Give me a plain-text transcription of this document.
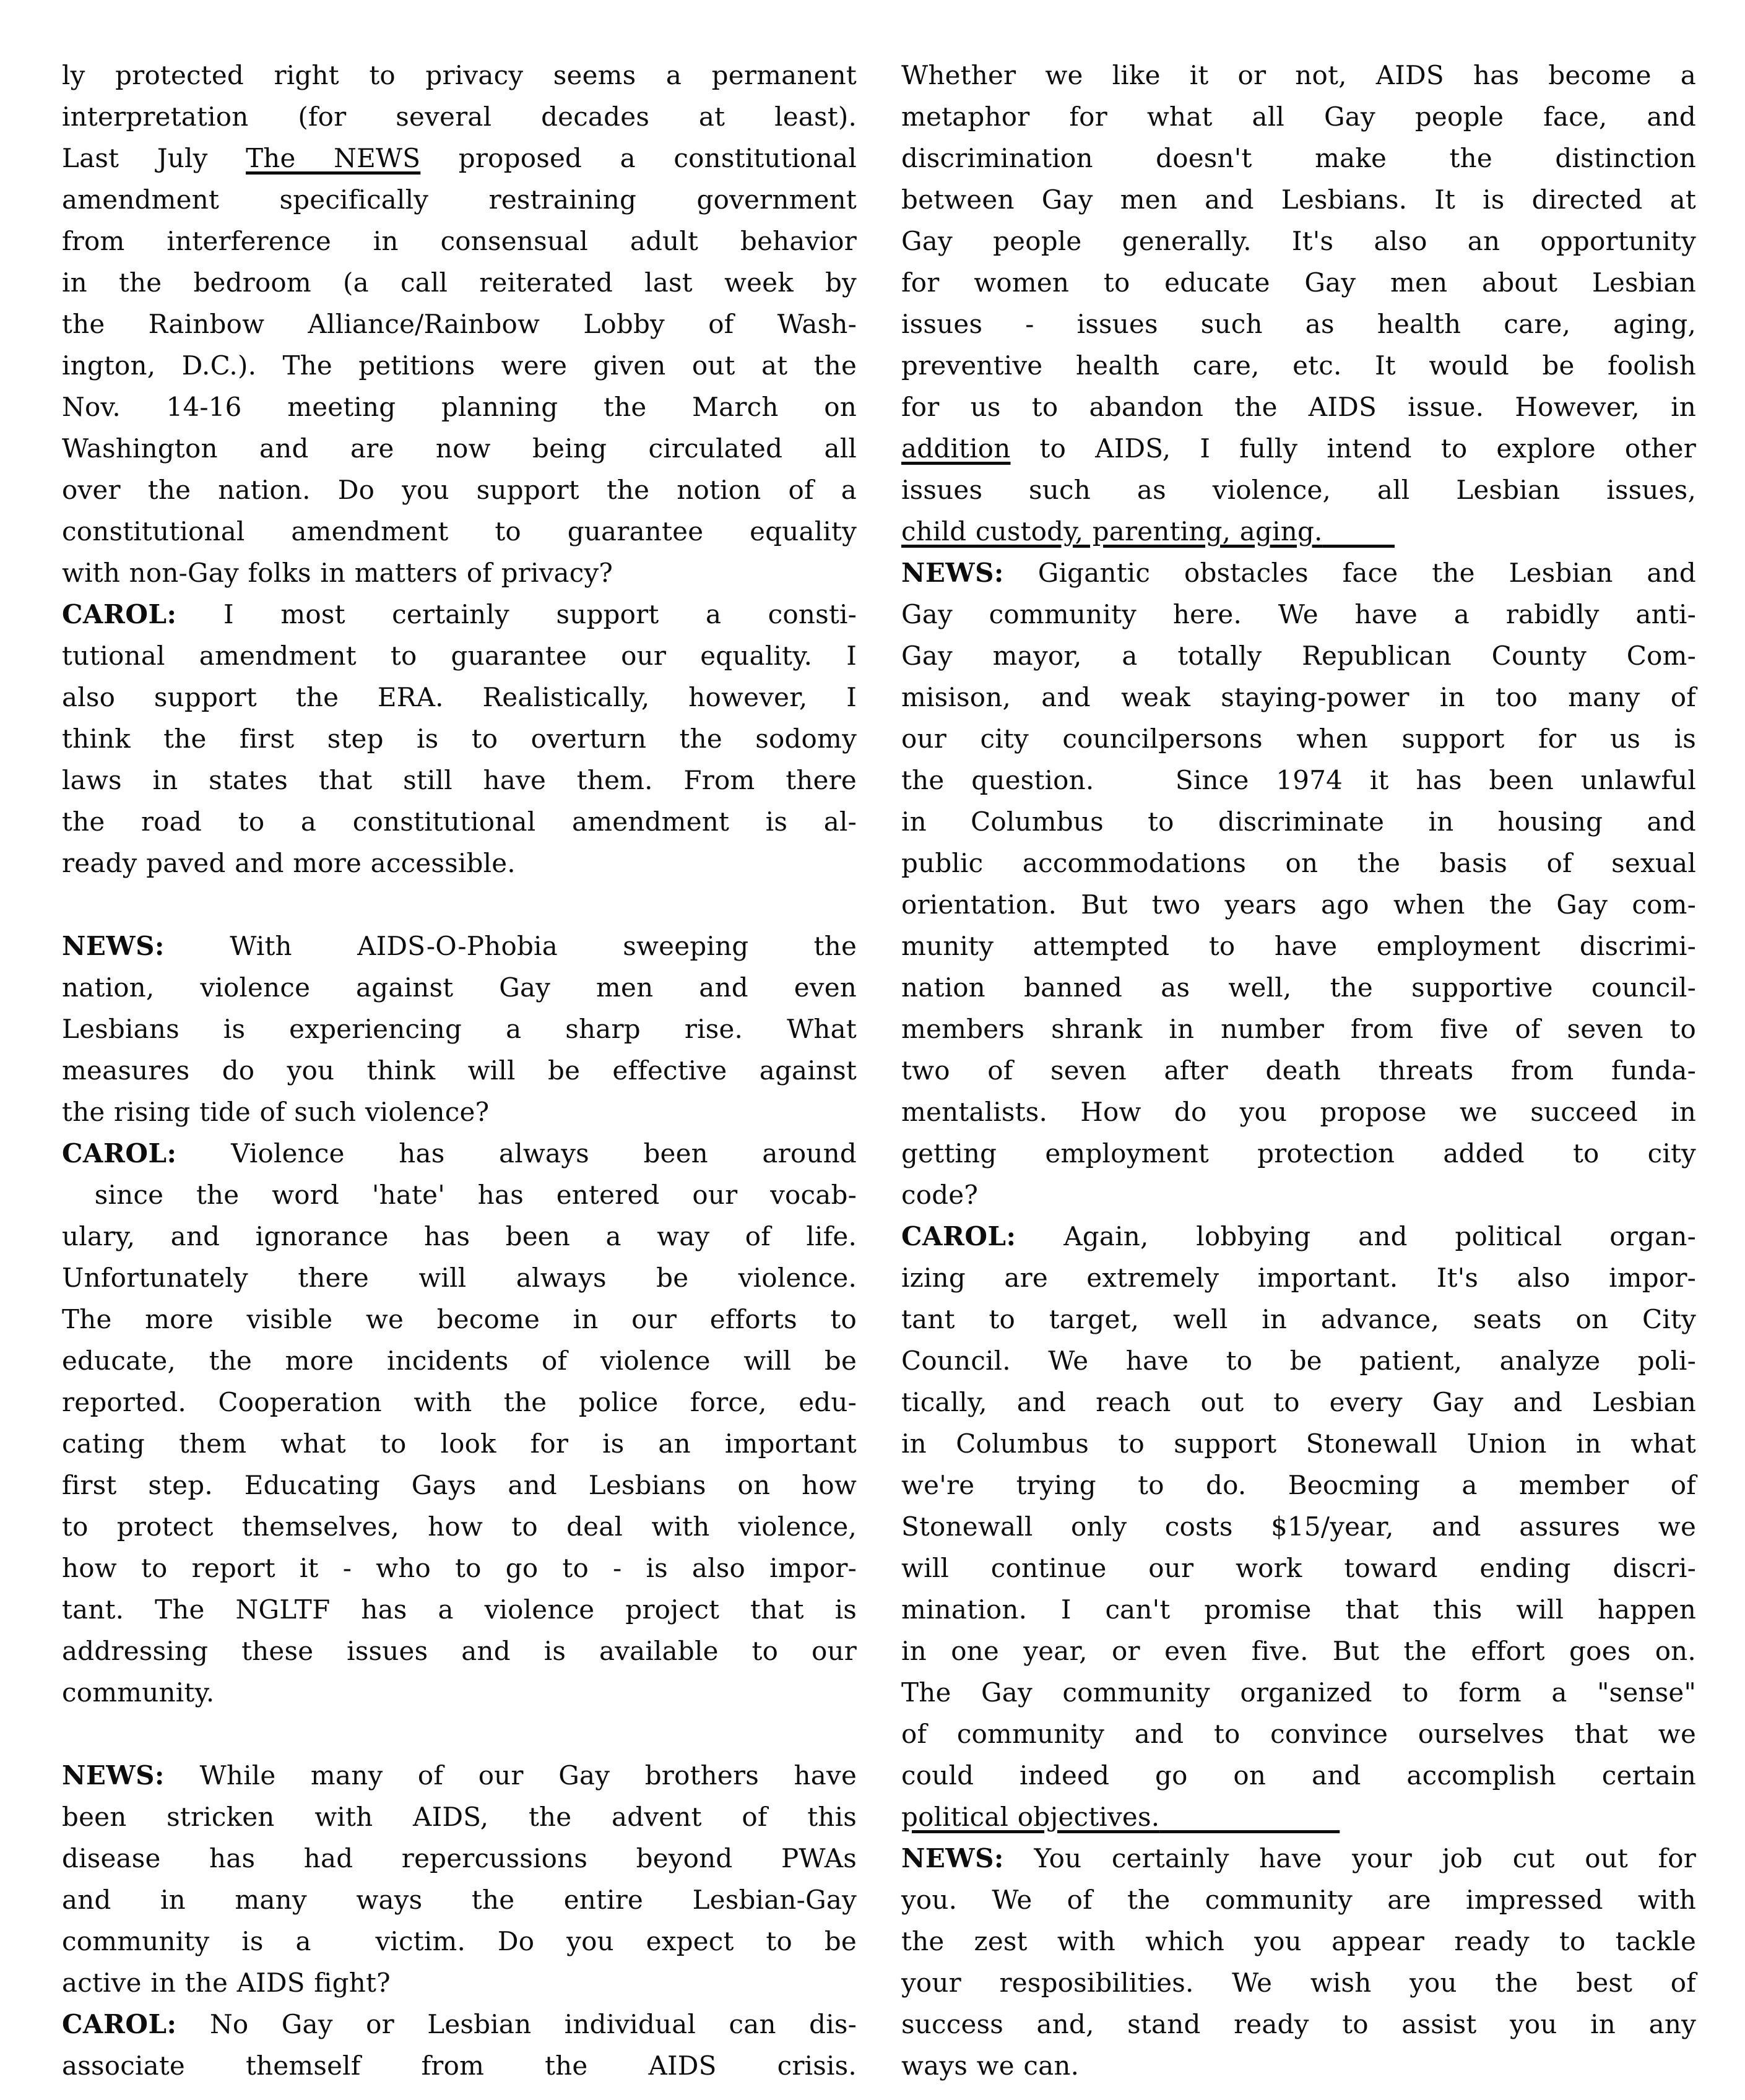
ly protected right to privacy seems a permanent
interpretation (for several decades at least).
Last July The NEWS proposed a constitutional
amendment specifically restraining government
from interference in consensual adult behavior
in the bedroom (a call reiterated last week by
the Rainbow Alliance/Rainbow Lobby of Wash-
ington, D.C.). The petitions were given out at the
Nov. 14-16 meeting planning the March on
Washington and are now being circulated all
over the nation. Do you support the notion of a
constitutional amendment to guarantee equality
with non-Gay folks in matters of privacy?
CAROL: I most certainly support a consti-
tutional amendment to guarantee our equality. I
also support the ERA. Realistically, however, I
think the first step is to overturn the sodomy
laws in states that still have them. From there
the road to a constitutional amendment is al-
ready paved and more accessible.
NEWS: With AIDS-O-Phobia sweeping the
nation, violence against Gay men and even
Lesbians is experiencing a sharp rise. What
measures do you think will be effective against
the rising tide of such violence?
CAROL: Violence has always been around
since the word 'hate' has entered our vocab-
ulary, and ignorance has been a way of life.
Unfortunately there will always be violence.
The more visible we become in our efforts to
educate, the more incidents of violence will be
reported. Cooperation with the police force, edu-
cating them what to look for is an important
first step. Educating Gays and Lesbians on how
to protect themselves, how to deal with violence,
how to report it - who to go to - is also impor-
tant. The NGLTF has a violence project that is
addressing these issues and is available to our
community.
NEWS: While many of our Gay brothers have
been stricken with AIDS, the advent of this
disease has had repercussions beyond PWAs
and in many ways the entire Lesbian-Gay
community is a  victim. Do you expect to be
active in the AIDS fight?
CAROL: No Gay or Lesbian individual can dis-
associate themself from the AIDS crisis.
Whether we like it or not, AIDS has become a
metaphor for what all Gay people face, and
discrimination doesn't make the distinction
between Gay men and Lesbians. It is directed at
Gay people generally. It's also an opportunity
for women to educate Gay men about Lesbian
issues - issues such as health care, aging,
preventive health care, etc. It would be foolish
for us to abandon the AIDS issue. However, in
addition to AIDS, I fully intend to explore other
issues such as violence, all Lesbian issues,
child custody, parenting, aging.
NEWS: Gigantic obstacles face the Lesbian and
Gay community here. We have a rabidly anti-
Gay mayor, a totally Republican County Com-
misison, and weak staying-power in too many of
our city councilpersons when support for us is
the question.   Since 1974 it has been unlawful
in Columbus to discriminate in housing and
public accommodations on the basis of sexual
orientation. But two years ago when the Gay com-
munity attempted to have employment discrimi-
nation banned as well, the supportive council-
members shrank in number from five of seven to
two of seven after death threats from funda-
mentalists. How do you propose we succeed in
getting employment protection added to city
code?
CAROL: Again, lobbying and political organ-
izing are extremely important. It's also impor-
tant to target, well in advance, seats on City
Council. We have to be patient, analyze poli-
tically, and reach out to every Gay and Lesbian
in Columbus to support Stonewall Union in what
we're trying to do. Beocming a member of
Stonewall only costs $15/year, and assures we
will continue our work toward ending discri-
mination. I can't promise that this will happen
in one year, or even five. But the effort goes on.
The Gay community organized to form a "sense"
of community and to convince ourselves that we
could indeed go on and accomplish certain
political objectives.
NEWS: You certainly have your job cut out for
you. We of the community are impressed with
the zest with which you appear ready to tackle
your resposibilities. We wish you the best of
success and, stand ready to assist you in any
ways we can.
